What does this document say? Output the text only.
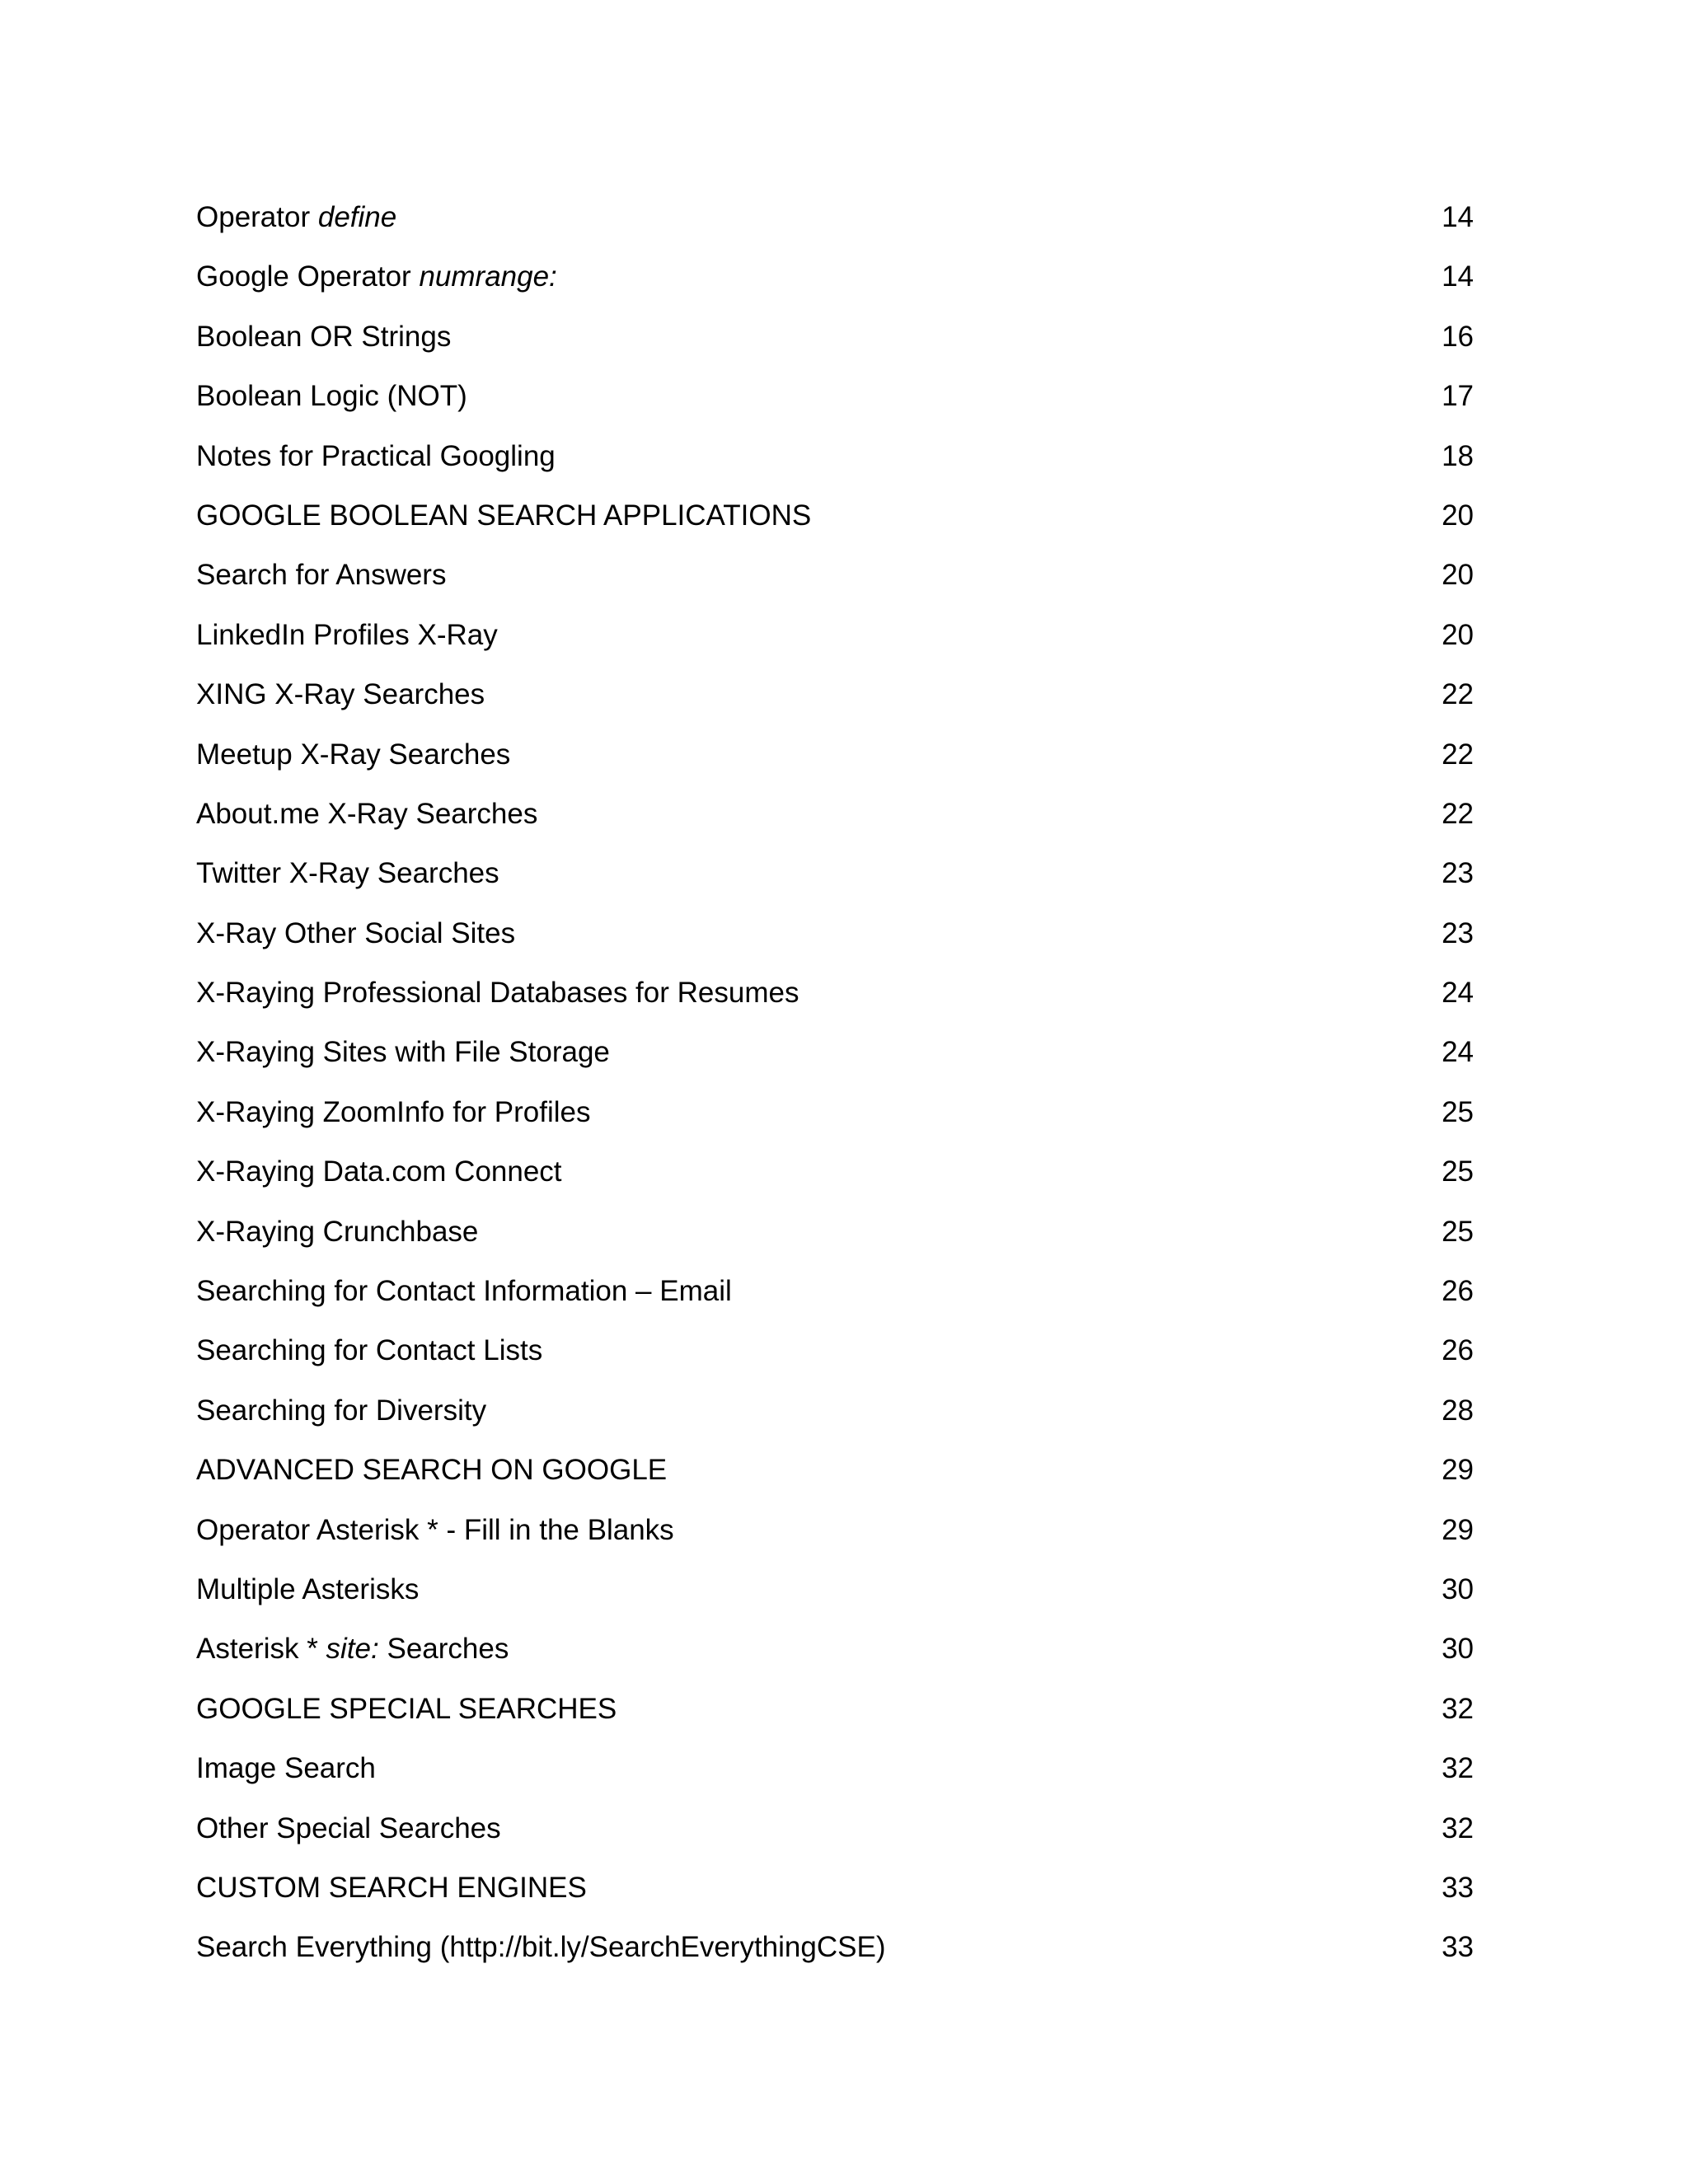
Operator define	14
Google Operator numrange:	14
Boolean OR Strings	16
Boolean Logic (NOT)	17
Notes for Practical Googling	18
GOOGLE BOOLEAN SEARCH APPLICATIONS	20
Search for Answers	20
LinkedIn Profiles X-Ray	20
XING X-Ray Searches	22
Meetup X-Ray Searches	22
About.me X-Ray Searches	22
Twitter X-Ray Searches	23
X-Ray Other Social Sites	23
X-Raying Professional Databases for Resumes	24
X-Raying Sites with File Storage	24
X-Raying ZoomInfo for Profiles	25
X-Raying Data.com Connect	25
X-Raying Crunchbase	25
Searching for Contact Information – Email	26
Searching for Contact Lists	26
Searching for Diversity	28
ADVANCED SEARCH ON GOOGLE	29
Operator Asterisk * - Fill in the Blanks	29
Multiple Asterisks	30
Asterisk * site: Searches	30
GOOGLE SPECIAL SEARCHES	32
Image Search	32
Other Special Searches	32
CUSTOM SEARCH ENGINES	33
Search Everything (http://bit.ly/SearchEverythingCSE)	33
